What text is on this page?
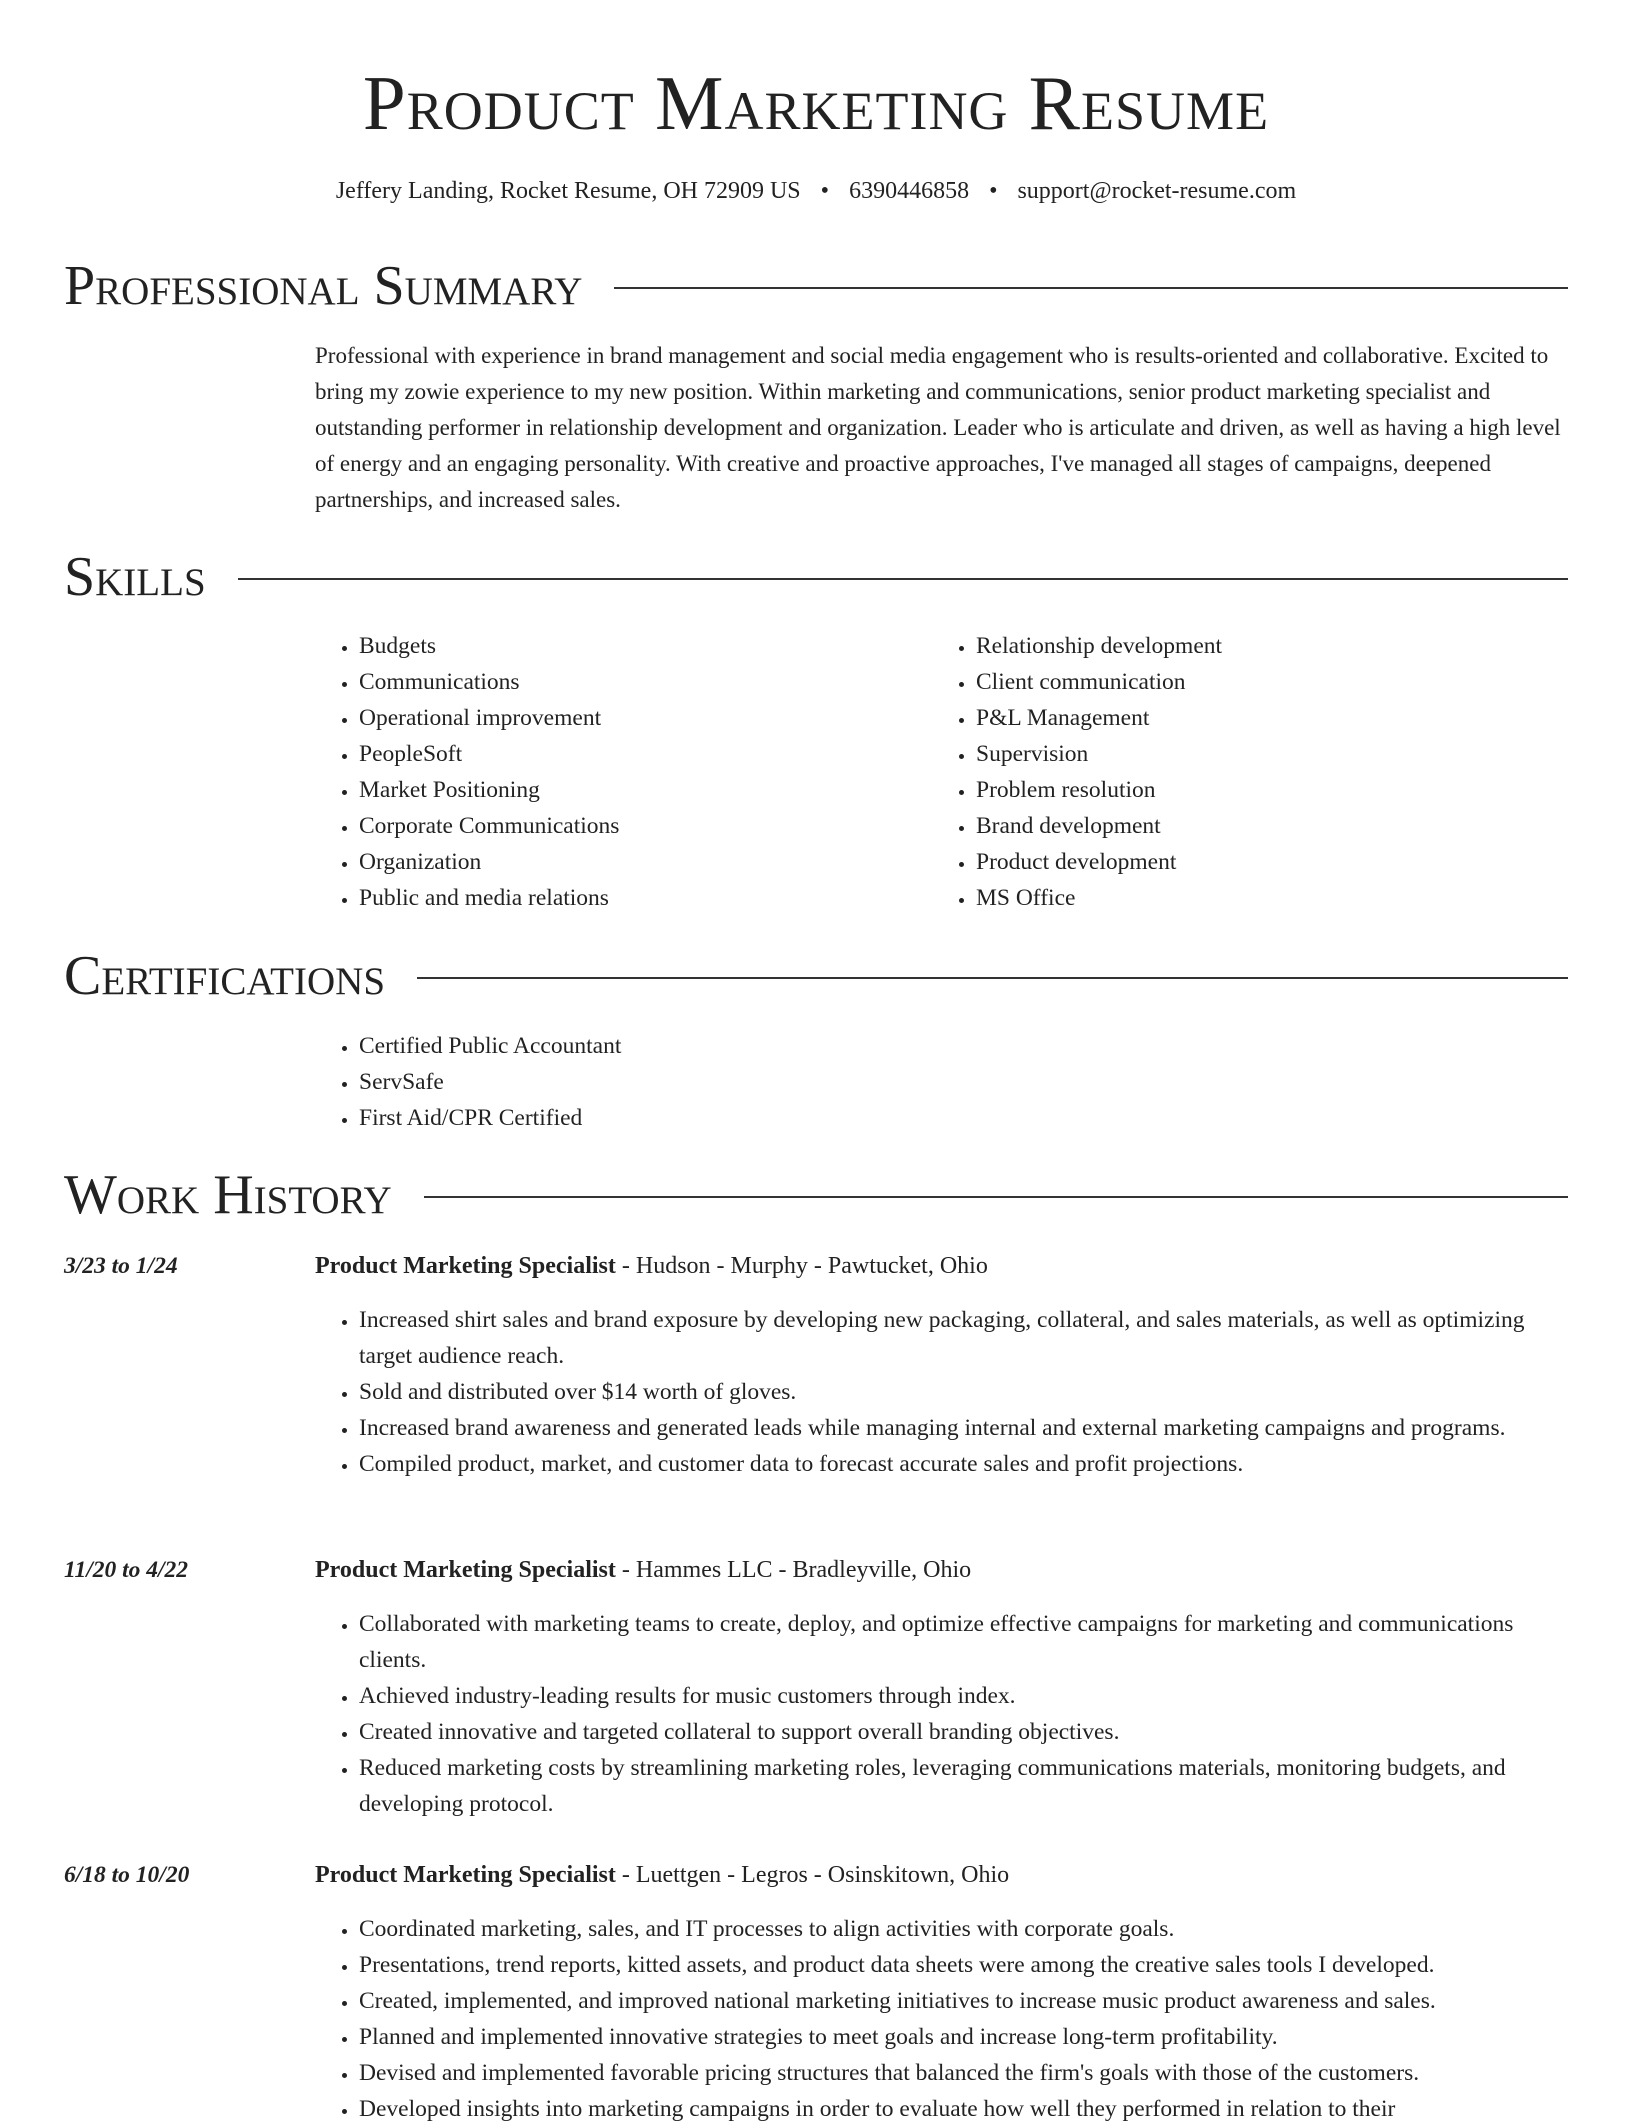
Product Marketing Resume
Jeffery Landing, Rocket Resume, OH 72909 US • 6390446858 • support@rocket-resume.com
Professional Summary
Professional with experience in brand management and social media engagement who is results-oriented and collaborative. Excited to bring my zowie experience to my new position. Within marketing and communications, senior product marketing specialist and outstanding performer in relationship development and organization. Leader who is articulate and driven, as well as having a high level of energy and an engaging personality. With creative and proactive approaches, I've managed all stages of campaigns, deepened partnerships, and increased sales.
Skills
• Budgets
• Communications
• Operational improvement
• PeopleSoft
• Market Positioning
• Corporate Communications
• Organization
• Public and media relations
• Relationship development
• Client communication
• P&L Management
• Supervision
• Problem resolution
• Brand development
• Product development
• MS Office
Certifications
• Certified Public Accountant
• ServSafe
• First Aid/CPR Certified
Work History
3/23 to 1/24	Product Marketing Specialist - Hudson - Murphy - Pawtucket, Ohio
• Increased shirt sales and brand exposure by developing new packaging, collateral, and sales materials, as well as optimizing target audience reach.
• Sold and distributed over $14 worth of gloves.
• Increased brand awareness and generated leads while managing internal and external marketing campaigns and programs.
• Compiled product, market, and customer data to forecast accurate sales and profit projections.
11/20 to 4/22	Product Marketing Specialist - Hammes LLC - Bradleyville, Ohio
• Collaborated with marketing teams to create, deploy, and optimize effective campaigns for marketing and communications clients.
• Achieved industry-leading results for music customers through index.
• Created innovative and targeted collateral to support overall branding objectives.
• Reduced marketing costs by streamlining marketing roles, leveraging communications materials, monitoring budgets, and developing protocol.
6/18 to 10/20	Product Marketing Specialist - Luettgen - Legros - Osinskitown, Ohio
• Coordinated marketing, sales, and IT processes to align activities with corporate goals.
• Presentations, trend reports, kitted assets, and product data sheets were among the creative sales tools I developed.
• Created, implemented, and improved national marketing initiatives to increase music product awareness and sales.
• Planned and implemented innovative strategies to meet goals and increase long-term profitability.
• Devised and implemented favorable pricing structures that balanced the firm's goals with those of the customers.
• Developed insights into marketing campaigns in order to evaluate how well they performed in relation to their
